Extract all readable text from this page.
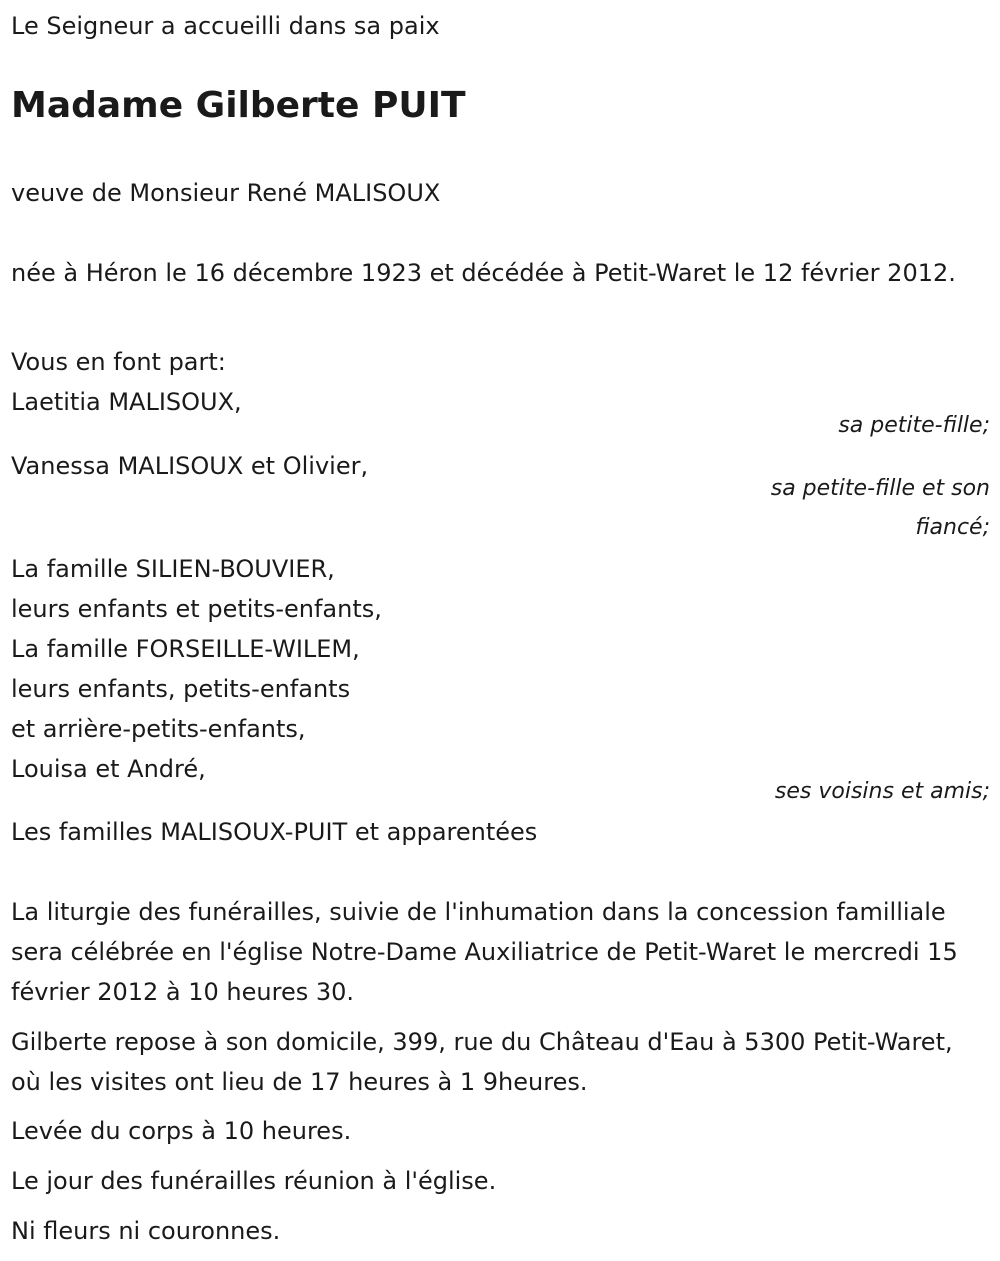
Le Seigneur a accueilli dans sa paix
Madame Gilberte PUIT
veuve de Monsieur René MALISOUX
née à Héron le 16 décembre 1923 et décédée à Petit-Waret le 12 février 2012.
Vous en font part:
Laetitia MALISOUX,
sa petite-fille;
Vanessa MALISOUX et Olivier,
sa petite-fille et son
fiancé;
La famille SILIEN-BOUVIER,
leurs enfants et petits-enfants,
La famille FORSEILLE-WILEM,
leurs enfants, petits-enfants
et arrière-petits-enfants,
Louisa et André,
ses voisins et amis;
Les familles MALISOUX-PUIT et apparentées
La liturgie des funérailles, suivie de l'inhumation dans la concession familliale sera célébrée en l'église Notre-Dame Auxiliatrice de Petit-Waret le mercredi 15 février 2012 à 10 heures 30.
Gilberte repose à son domicile, 399, rue du Château d'Eau à 5300 Petit-Waret, où les visites ont lieu de 17 heures à 1 9heures.
Levée du corps à 10 heures.
Le jour des funérailles réunion à l'église.
Ni fleurs ni couronnes.
